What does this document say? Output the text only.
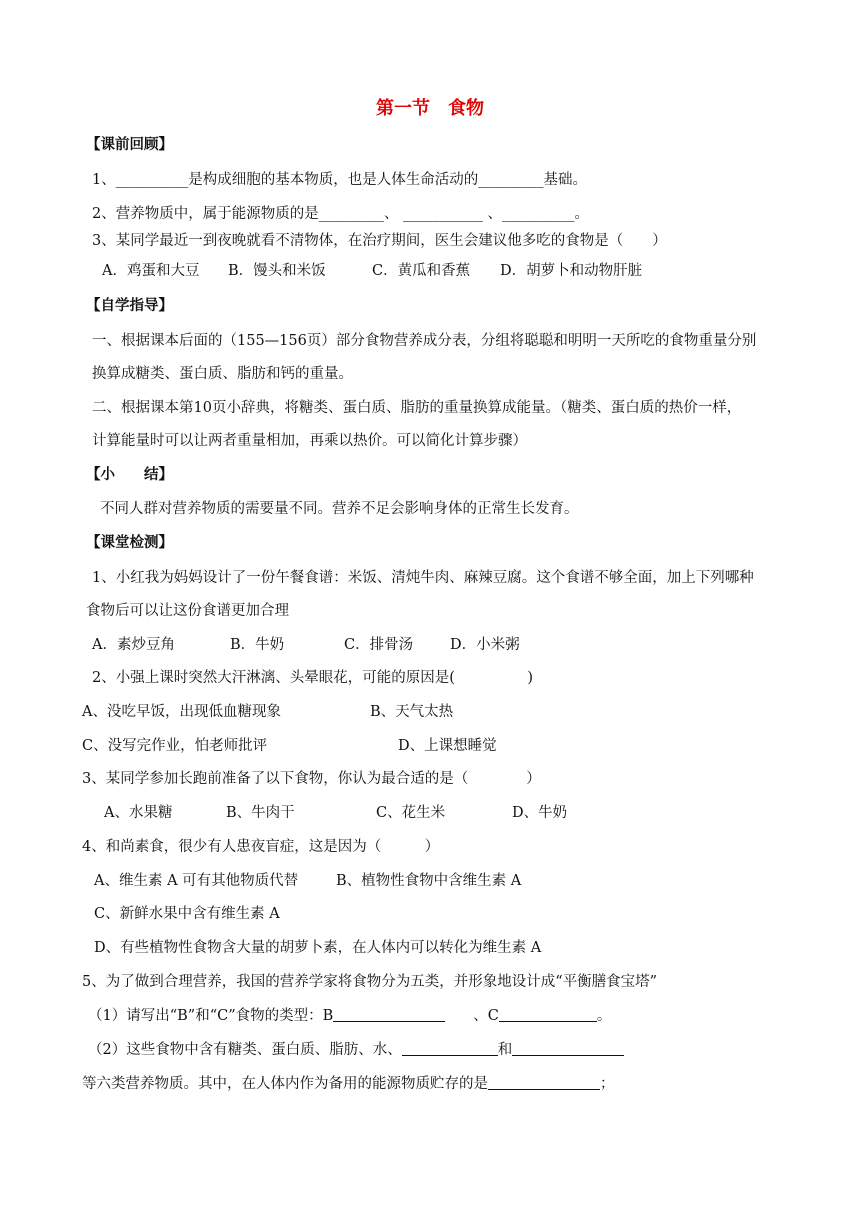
第一节　食物
【课前回顾】
1、__________是构成细胞的基本物质，也是人体生命活动的_________基础。
2、营养物质中，属于能源物质的是_________、 ___________ 、__________。
3、某同学最近一到夜晚就看不清物体，在治疗期间，医生会建议他多吃的食物是（　　）
A．鸡蛋和大豆 B．馒头和米饭	C．黄瓜和香蕉 D．胡萝卜和动物肝脏
【自学指导】
一、根据课本后面的（155—156页）部分食物营养成分表，分组将聪聪和明明一天所吃的食物重量分别
换算成糖类、蛋白质、脂肪和钙的重量。
二、根据课本第10页小辞典，将糖类、蛋白质、脂肪的重量换算成能量。（糖类、蛋白质的热价一样，
计算能量时可以让两者重量相加，再乘以热价。可以简化计算步骤）
【小　　结】
不同人群对营养物质的需要量不同。营养不足会影响身体的正常生长发育。
【课堂检测】
1、小红我为妈妈设计了一份午餐食谱：米饭、清炖牛肉、麻辣豆腐。这个食谱不够全面，加上下列哪种
食物后可以让这份食谱更加合理
A．素炒豆角	B．牛奶	C．排骨汤	D．小米粥
2、小强上课时突然大汗淋漓、头晕眼花，可能的原因是(　　　　　)
A、没吃早饭，出现低血糖现象	B、天气太热
C、没写完作业，怕老师批评	D、上课想睡觉
3、某同学参加长跑前准备了以下食物，你认为最合适的是（　　　　）
A、水果糖	B、牛肉干	C、花生米	D、牛奶
4、和尚素食，很少有人患夜盲症，这是因为（　　　）
A、维生素 A 可有其他物质代替	B、植物性食物中含维生素 A
C、新鲜水果中含有维生素 A
D、有些植物性食物含大量的胡萝卜素，在人体内可以转化为维生素 A
5、为了做到合理营养，我国的营养学家将食物分为五类，并形象地设计成“平衡膳食宝塔”
（1）请写出“B”和“C”食物的类型：B	、C	。
（2）这些食物中含有糖类、蛋白质、脂肪、水、	和
等六类营养物质。其中，在人体内作为备用的能源物质贮存的是	；
